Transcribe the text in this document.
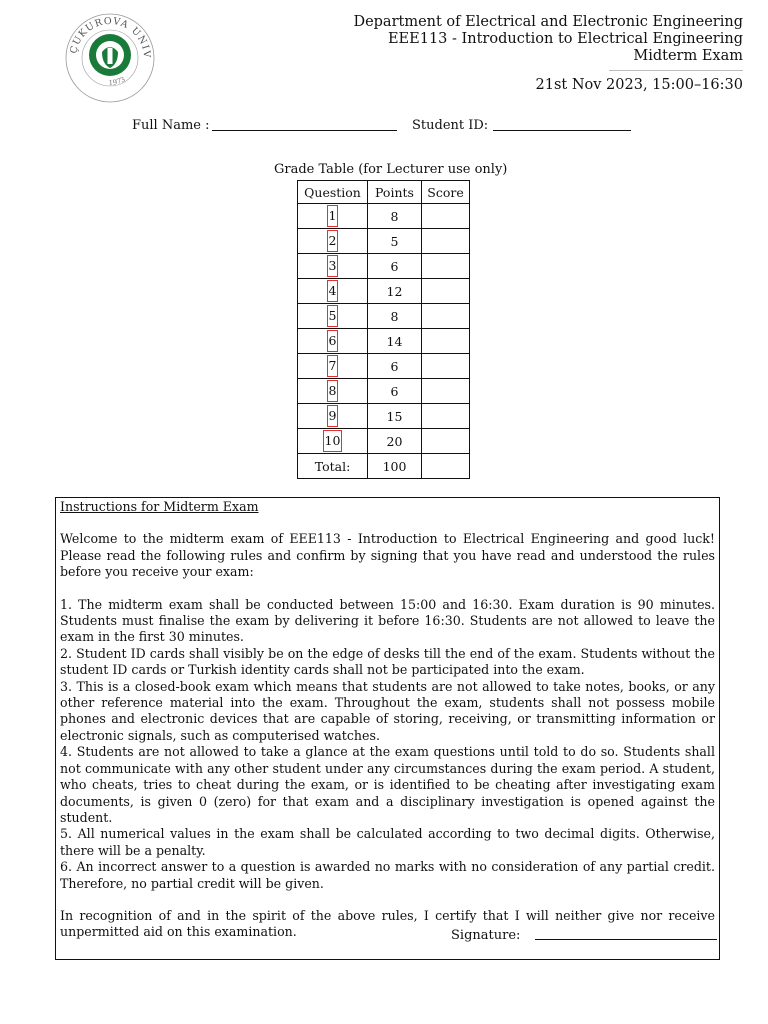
ÇUKUROVA UNIV
1973
Department of Electrical and Electronic Engineering
EEE113 - Introduction to Electrical Engineering
Midterm Exam
21st Nov 2023, 15:00–16:30
Full Name :	Student ID:
Grade Table (for Lecturer use only)
Question	Points	Score
1	8	
2	5	
3	6	
4	12	
5	8	
6	14	
7	6	
8	6	
9	15	
10	20	
Total:	100	
Instructions for Midterm Exam

Welcome to the midterm exam of EEE113 - Introduction to Electrical Engineering and good luck! Please read the following rules and confirm by signing that you have read and understood the rules before you receive your exam:

1. The midterm exam shall be conducted between 15:00 and 16:30. Exam duration is 90 minutes. Students must finalise the exam by delivering it before 16:30. Students are not allowed to leave the exam in the first 30 minutes.

2. Student ID cards shall visibly be on the edge of desks till the end of the exam. Students without the student ID cards or Turkish identity cards shall not be participated into the exam.

3. This is a closed-book exam which means that students are not allowed to take notes, books, or any other reference material into the exam. Throughout the exam, students shall not possess mobile phones and electronic devices that are capable of storing, receiving, or transmitting information or electronic signals, such as computerised watches.

4. Students are not allowed to take a glance at the exam questions until told to do so. Students shall not communicate with any other student under any circumstances during the exam period. A student, who cheats, tries to cheat during the exam, or is identified to be cheating after investigating exam documents, is given 0 (zero) for that exam and a disciplinary investigation is opened against the student.

5. All numerical values in the exam shall be calculated according to two decimal digits. Otherwise, there will be a penalty.

6. An incorrect answer to a question is awarded no marks with no consideration of any partial credit. Therefore, no partial credit will be given.

In recognition of and in the spirit of the above rules, I certify that I will neither give nor receive unpermitted aid on this examination.	Signature:
